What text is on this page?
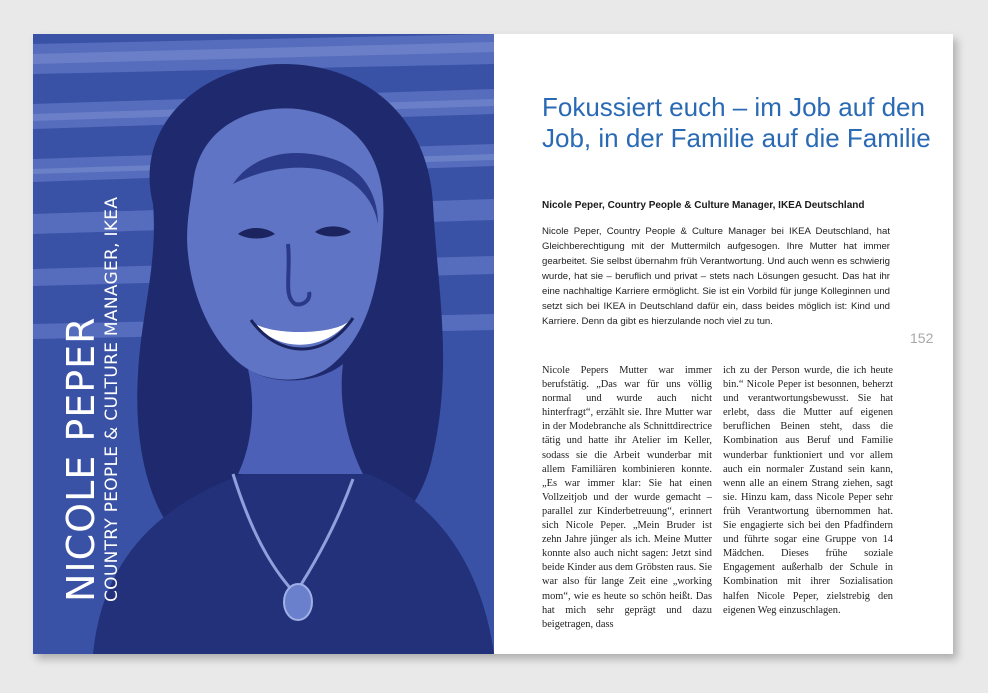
NICOLE PEPER COUNTRY PEOPLE & CULTURE MANAGER, IKEA
Fokussiert euch – im Job auf den Job, in der Familie auf die Familie
Nicole Peper, Country People & Culture Manager, IKEA Deutschland

Nicole Peper, Country People & Culture Manager bei IKEA Deutschland, hat Gleichberechtigung mit der Muttermilch aufgesogen. Ihre Mutter hat immer gearbeitet. Sie selbst übernahm früh Verantwortung. Und auch wenn es schwierig wurde, hat sie – beruflich und privat – stets nach Lösungen gesucht. Das hat ihr eine nachhaltige Karriere ermöglicht. Sie ist ein Vorbild für junge Kolleginnen und setzt sich bei IKEA in Deutschland dafür ein, dass beides möglich ist: Kind und Karriere. Denn da gibt es hierzulande noch viel zu tun.

152

Nicole Pepers Mutter war immer berufstätig. „Das war für uns völlig normal und wurde auch nicht hinterfragt“, erzählt sie. Ihre Mutter war in der Modebranche als Schnittdirectrice tätig und hatte ihr Atelier im Keller, sodass sie die Arbeit wunderbar mit allem Familiären kombinieren konnte. „Es war immer klar: Sie hat einen Vollzeitjob und der wurde gemacht – parallel zur Kinderbetreuung“, erinnert sich Nicole Peper. „Mein Bruder ist zehn Jahre jünger als ich. Meine Mutter konnte also auch nicht sagen: Jetzt sind beide Kinder aus dem Gröbsten raus. Sie war also für lange Zeit eine „working mom“, wie es heute so schön heißt. Das hat mich sehr geprägt und dazu beigetragen, dass

ich zu der Person wurde, die ich heute bin.“ Nicole Peper ist besonnen, beherzt und verantwortungsbewusst. Sie hat erlebt, dass die Mutter auf eigenen beruflichen Beinen steht, dass die Kombination aus Beruf und Familie wunderbar funktioniert und vor allem auch ein normaler Zustand sein kann, wenn alle an einem Strang ziehen, sagt sie. Hinzu kam, dass Nicole Peper sehr früh Verantwortung übernommen hat. Sie engagierte sich bei den Pfadfindern und führte sogar eine Gruppe von 14 Mädchen. Dieses frühe soziale Engagement außerhalb der Schule in Kombination mit ihrer Sozialisation halfen Nicole Peper, zielstrebig den eigenen Weg einzuschlagen.
